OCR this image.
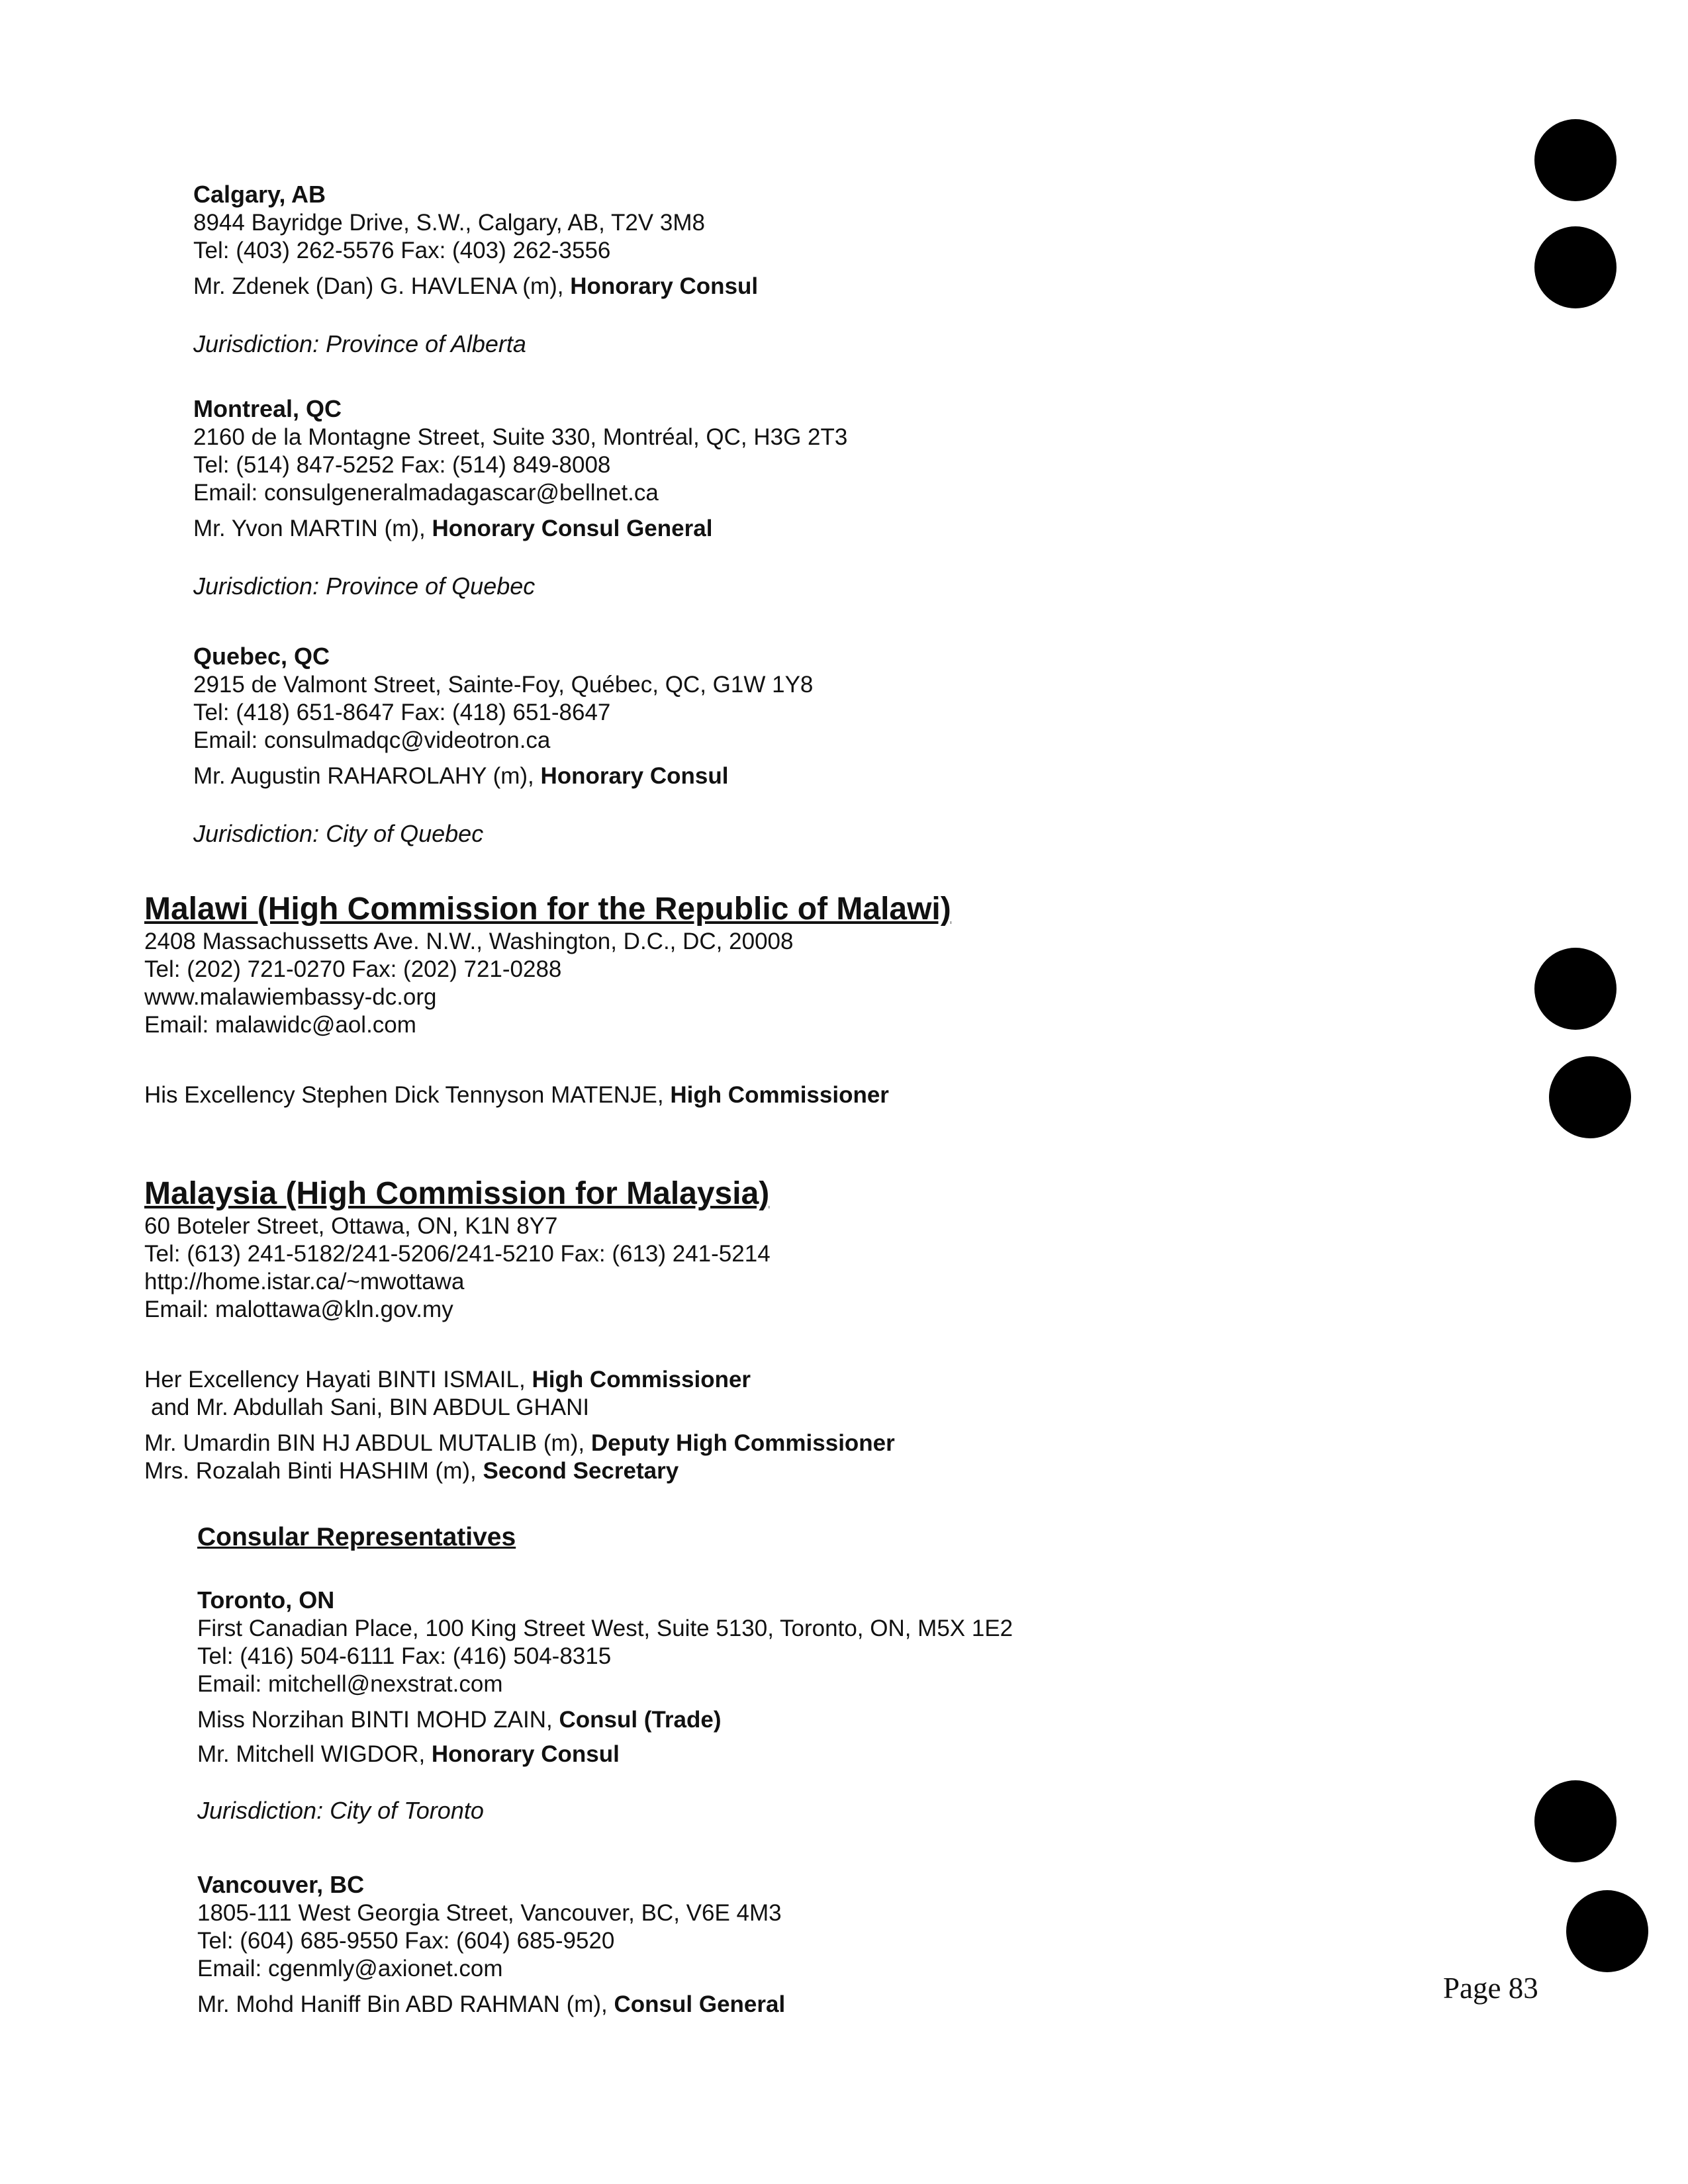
Calgary, AB
8944 Bayridge Drive, S.W., Calgary, AB, T2V 3M8
Tel: (403) 262-5576 Fax: (403) 262-3556
Mr. Zdenek (Dan) G. HAVLENA (m), Honorary Consul
Jurisdiction: Province of Alberta
Montreal, QC
2160 de la Montagne Street, Suite 330, Montréal, QC, H3G 2T3
Tel: (514) 847-5252 Fax: (514) 849-8008
Email: consulgeneralmadagascar@bellnet.ca
Mr. Yvon MARTIN (m), Honorary Consul General
Jurisdiction: Province of Quebec
Quebec, QC
2915 de Valmont Street, Sainte-Foy, Québec, QC, G1W 1Y8
Tel: (418) 651-8647 Fax: (418) 651-8647
Email: consulmadqc@videotron.ca
Mr. Augustin RAHAROLAHY (m), Honorary Consul
Jurisdiction: City of Quebec
Malawi (High Commission for the Republic of Malawi)
2408 Massachussetts Ave. N.W., Washington, D.C., DC, 20008
Tel: (202) 721-0270 Fax: (202) 721-0288
www.malawiembassy-dc.org
Email: malawidc@aol.com
His Excellency Stephen Dick Tennyson MATENJE, High Commissioner
Malaysia (High Commission for Malaysia)
60 Boteler Street, Ottawa, ON, K1N 8Y7
Tel: (613) 241-5182/241-5206/241-5210 Fax: (613) 241-5214
http://home.istar.ca/~mwottawa
Email: malottawa@kln.gov.my
Her Excellency Hayati BINTI ISMAIL, High Commissioner
and Mr. Abdullah Sani, BIN ABDUL GHANI
Mr. Umardin BIN HJ ABDUL MUTALIB (m), Deputy High Commissioner
Mrs. Rozalah Binti HASHIM (m), Second Secretary
Consular Representatives
Toronto, ON
First Canadian Place, 100 King Street West, Suite 5130, Toronto, ON, M5X 1E2
Tel: (416) 504-6111 Fax: (416) 504-8315
Email: mitchell@nexstrat.com
Miss Norzihan BINTI MOHD ZAIN, Consul (Trade)
Mr. Mitchell WIGDOR, Honorary Consul
Jurisdiction: City of Toronto
Vancouver, BC
1805-111 West Georgia Street, Vancouver, BC, V6E 4M3
Tel: (604) 685-9550 Fax: (604) 685-9520
Email: cgenmly@axionet.com
Mr. Mohd Haniff Bin ABD RAHMAN (m), Consul General	Page 83
